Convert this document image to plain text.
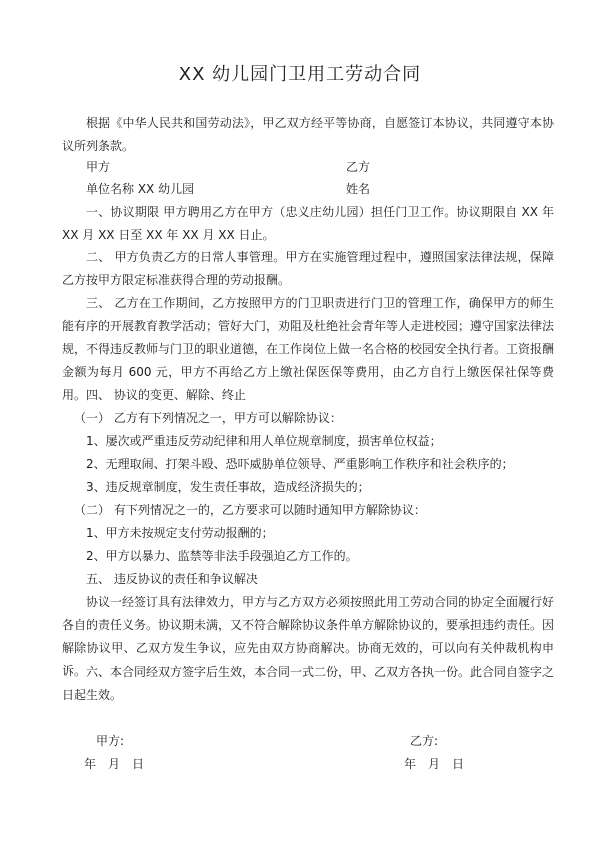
XX 幼儿园门卫用工劳动合同

根据《中华人民共和国劳动法》，甲乙双方经平等协商，自愿签订本协议，共同遵守本协议所列条款。

甲方	乙方
单位名称 XX 幼儿园	姓名

一、协议期限 甲方聘用乙方在甲方（忠义庄幼儿园）担任门卫工作。协议期限自 XX 年 XX 月 XX 日至 XX 年 XX 月 XX 日止。

二、 甲方负责乙方的日常人事管理。甲方在实施管理过程中，遵照国家法律法规，保障乙方按甲方限定标准获得合理的劳动报酬。

三、 乙方在工作期间，乙方按照甲方的门卫职责进行门卫的管理工作，确保甲方的师生能有序的开展教育教学活动；管好大门，劝阻及杜绝社会青年等人走进校园；遵守国家法律法规，不得违反教师与门卫的职业道德，在工作岗位上做一名合格的校园安全执行者。工资报酬金额为每月 600 元，甲方不再给乙方上缴社保医保等费用，由乙方自行上缴医保社保等费用。 四、 协议的变更、解除、终止
（一） 乙方有下列情况之一，甲方可以解除协议：
1、屡次或严重违反劳动纪律和用人单位规章制度，损害单位权益；
2、无理取闹、打架斗殴、恐吓威胁单位领导、严重影响工作秩序和社会秩序的；
3、违反规章制度，发生责任事故，造成经济损失的；
（二） 有下列情况之一的，乙方要求可以随时通知甲方解除协议：
1、甲方未按规定支付劳动报酬的；
2、甲方以暴力、监禁等非法手段强迫乙方工作的。
五、 违反协议的责任和争议解决

协议一经签订具有法律效力，甲方与乙方双方必须按照此用工劳动合同的协定全面履行好各自的责任义务。协议期未满，又不符合解除协议条件单方解除协议的，要承担违约责任。因解除协议甲、乙双方发生争议，应先由双方协商解决。协商无效的，可以向有关仲裁机构申诉。 六、本合同经双方签字后生效，本合同一式二份，甲、乙双方各执一份。此合同自签字之日起生效。

甲方:	乙方:
年　月　日	年　月　日
